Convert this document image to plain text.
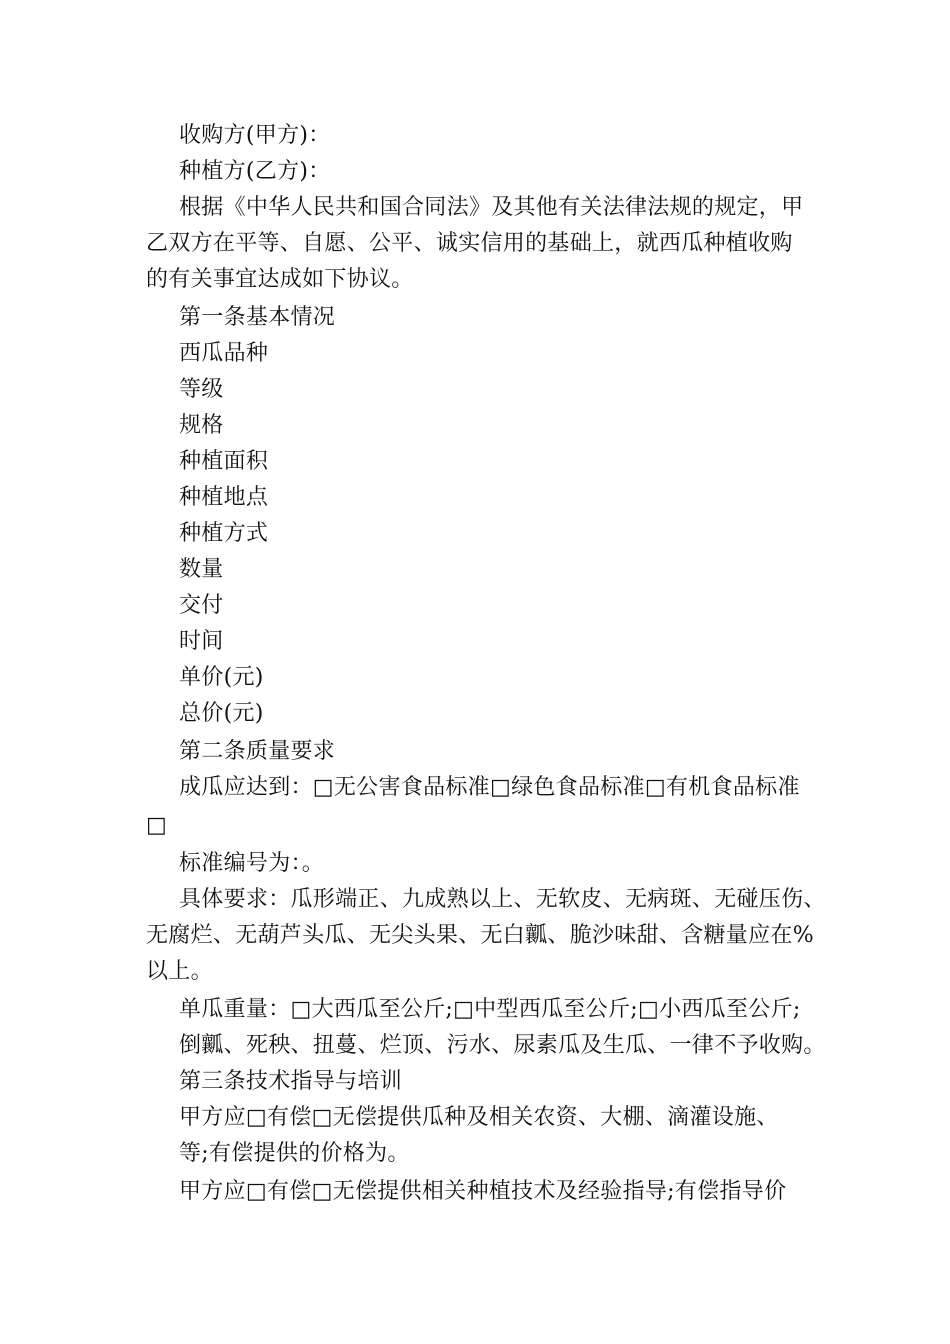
收购方(甲方)：
种植方(乙方)：
根据《中华人民共和国合同法》及其他有关法律法规的规定，甲
乙双方在平等、自愿、公平、诚实信用的基础上，就西瓜种植收购
的有关事宜达成如下协议。
第一条基本情况
西瓜品种
等级
规格
种植面积
种植地点
种植方式
数量
交付
时间
单价(元)
总价(元)
第二条质量要求
成瓜应达到：□无公害食品标准□绿色食品标准□有机食品标准
□
标准编号为：。
具体要求：瓜形端正、九成熟以上、无软皮、无病斑、无碰压伤、
无腐烂、无葫芦头瓜、无尖头果、无白瓤、脆沙味甜、含糖量应在%
以上。
单瓜重量：□大西瓜至公斤;□中型西瓜至公斤;□小西瓜至公斤;
倒瓤、死秧、扭蔓、烂顶、污水、尿素瓜及生瓜、一律不予收购。
第三条技术指导与培训
甲方应□有偿□无偿提供瓜种及相关农资、大棚、滴灌设施、
等;有偿提供的价格为。
甲方应□有偿□无偿提供相关种植技术及经验指导;有偿指导价
